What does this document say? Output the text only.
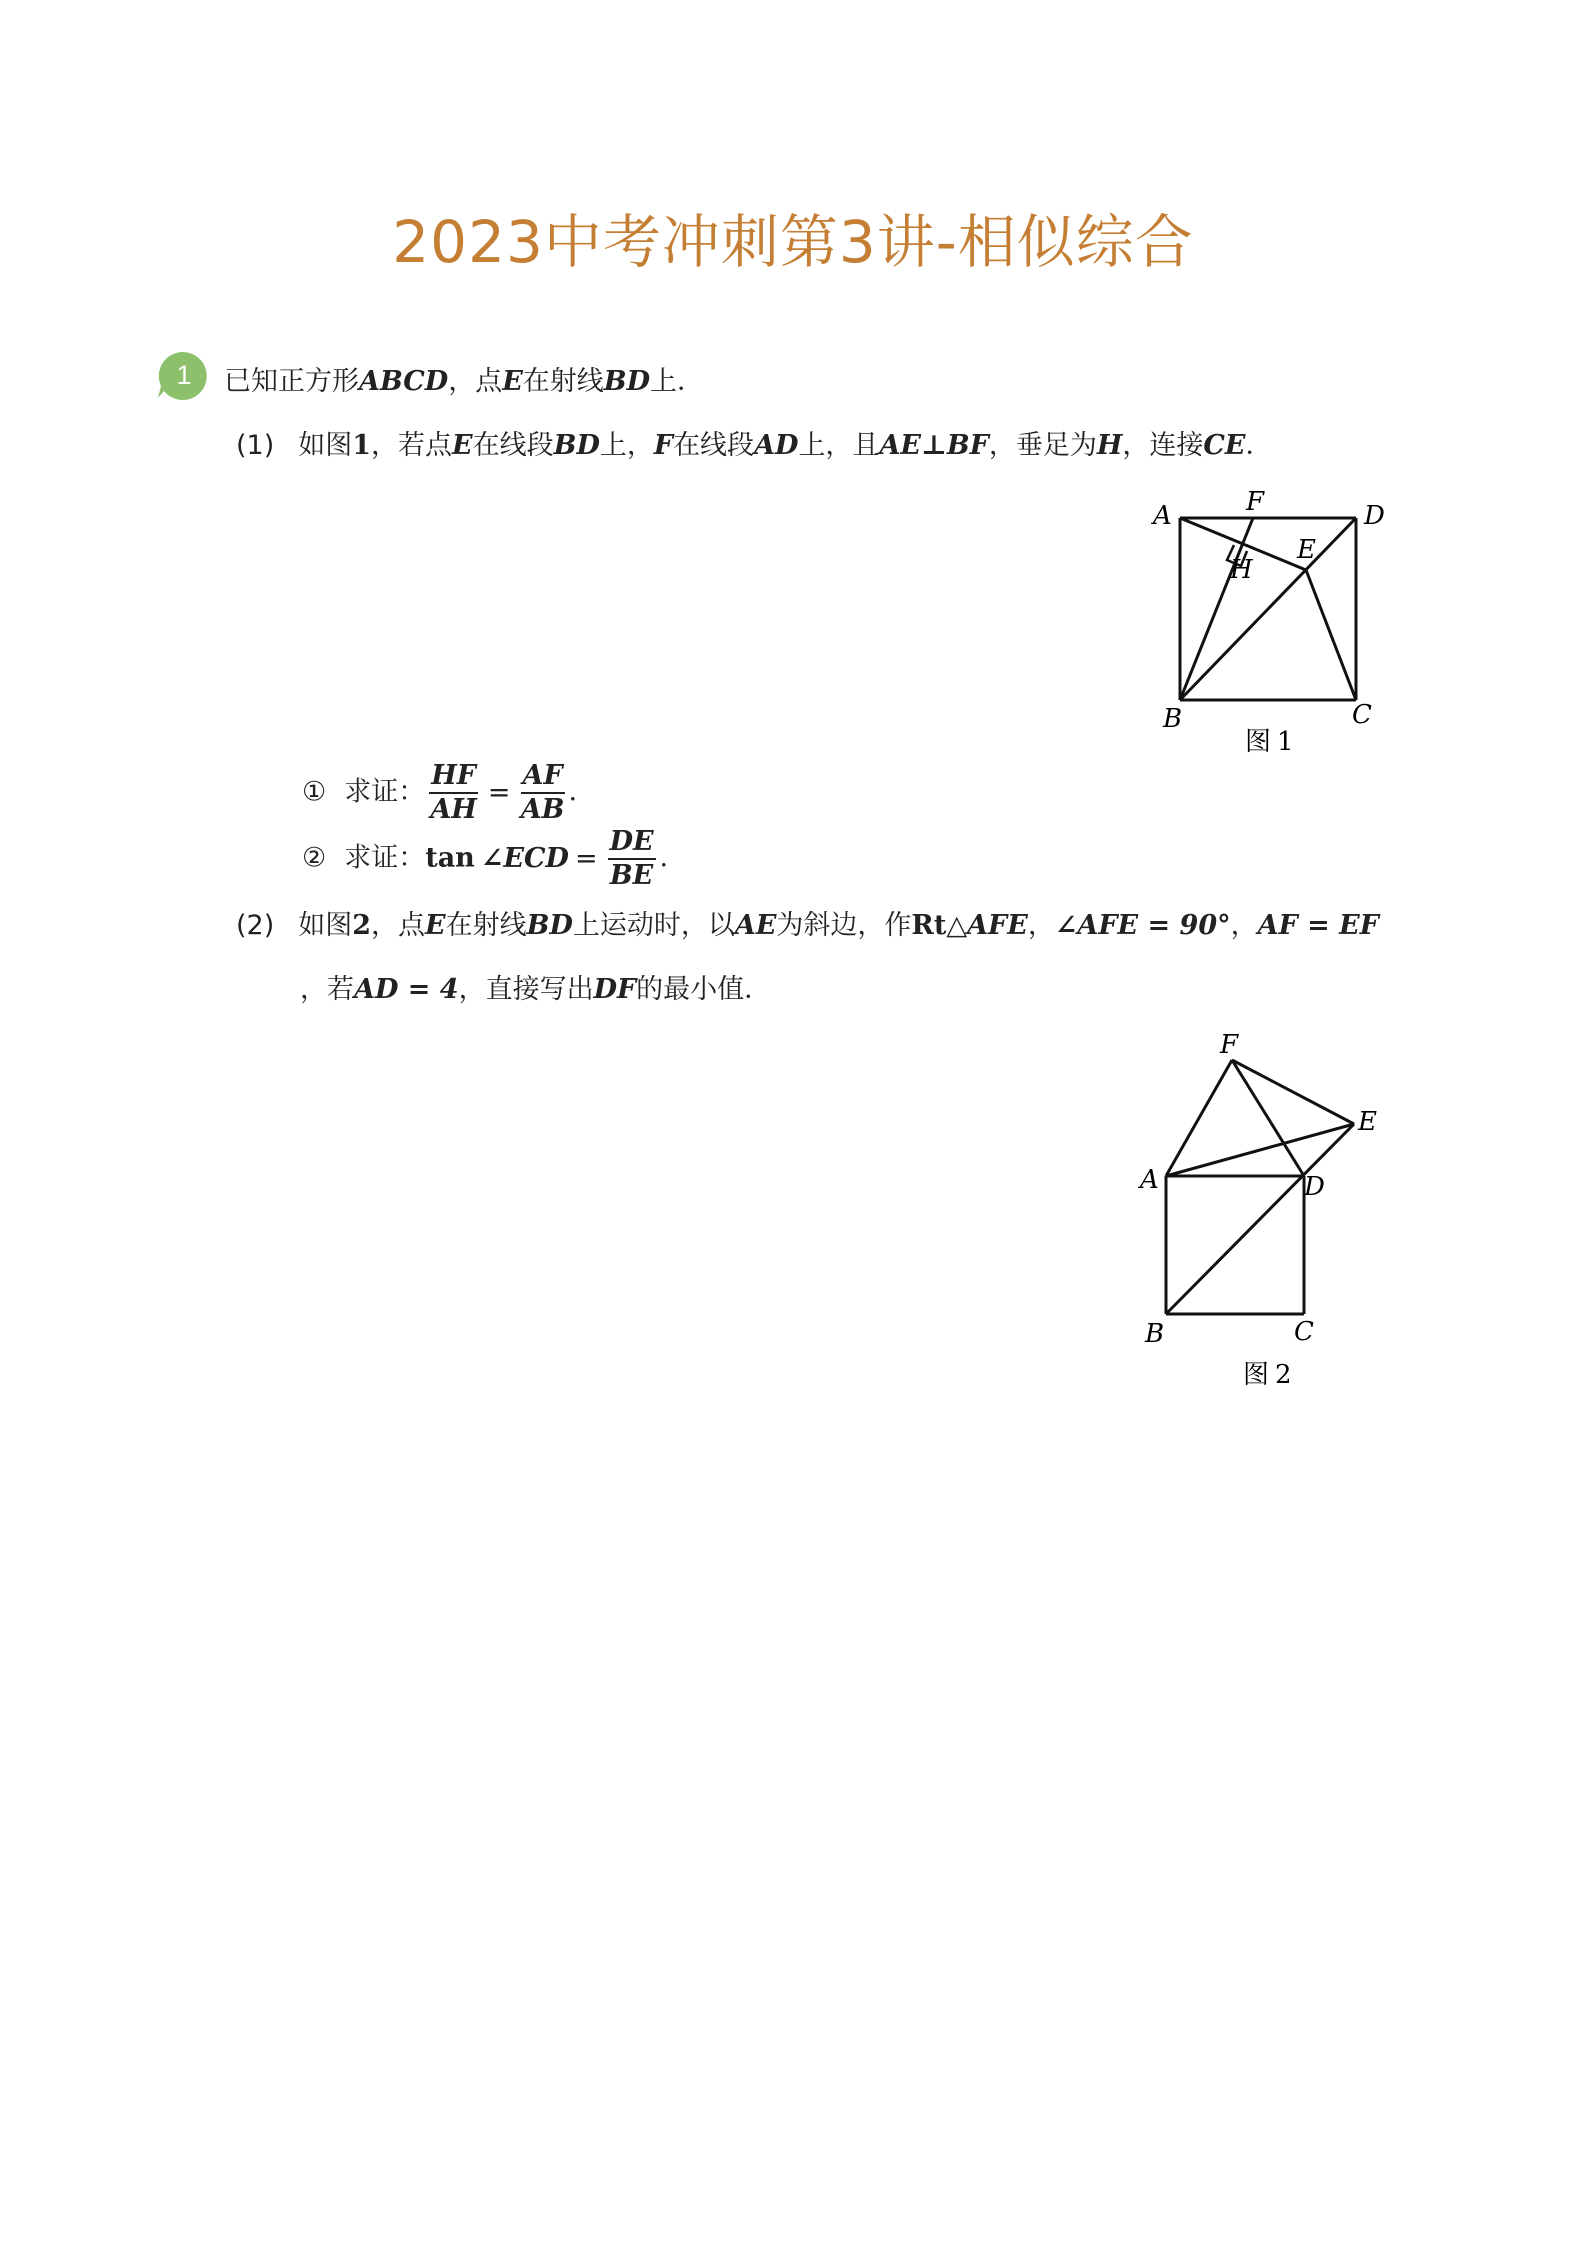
2023中考冲刺第3讲-相似综合
1 已知正方形ABCD，点E在射线BD上．
(1) 如图1，若点E在线段BD上，F在线段AD上，且AE⊥BF，垂足为H，连接CE．
A	F	D
E
H
B	C
图 1
① 求证： $\frac{HF}{AH} = \frac{AF}{AB}$ ．
② 求证：tan ∠ECD = $\frac{DE}{BE}$ ．
(2) 如图2，点E在射线BD上运动时，以AE为斜边，作Rt△AFE，∠AFE = 90°，AF = EF
，若AD = 4，直接写出DF的最小值．
F
E
A	D
B	C
图 2
